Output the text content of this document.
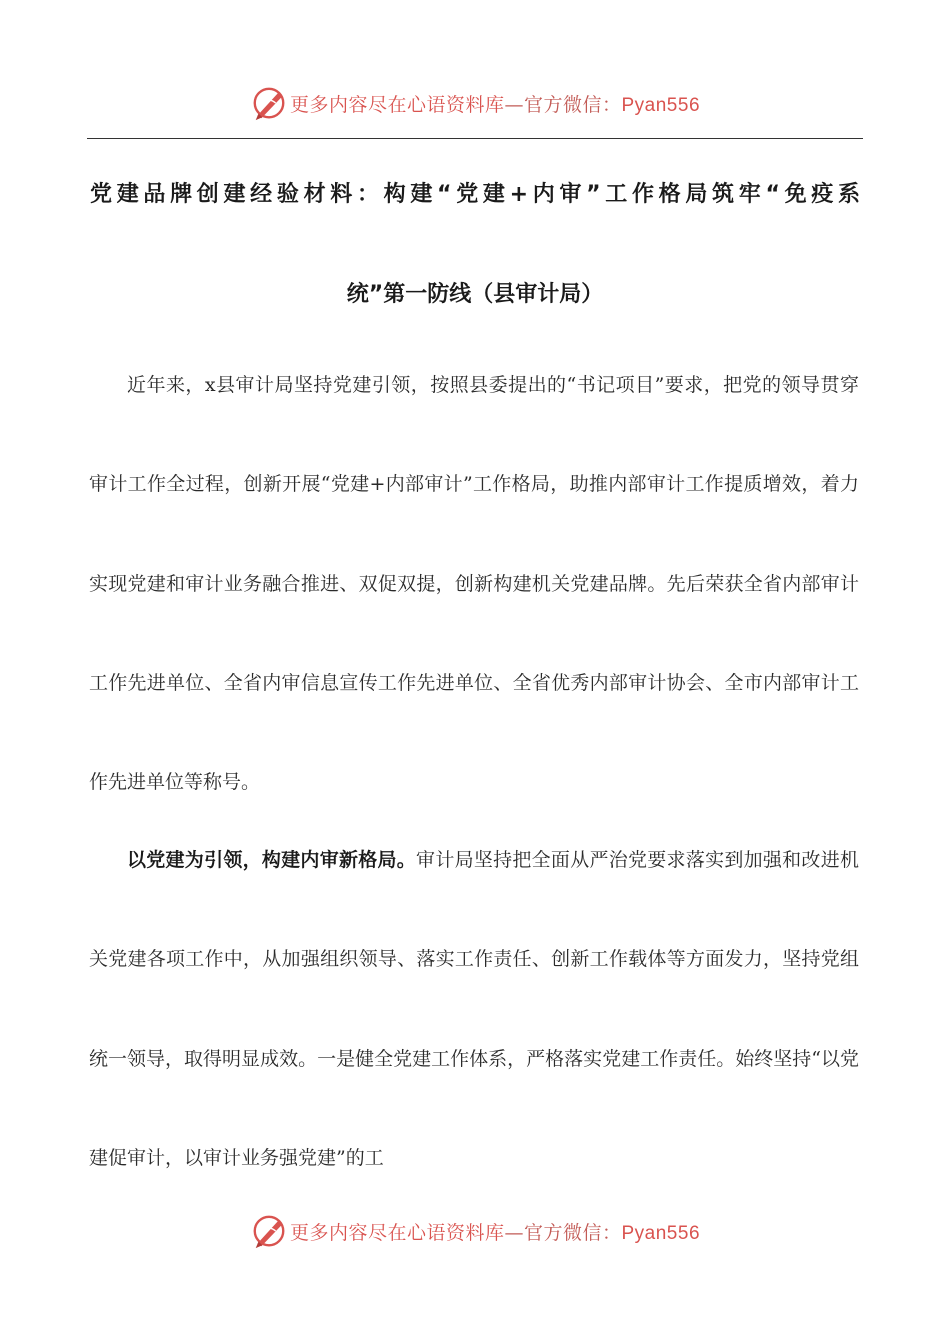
更多内容尽在心语资料库—官方微信：Pyan556
党建品牌创建经验材料：构建“党建+内审”工作格局筑牢“免疫系
统”第一防线（县审计局）

近年来，x县审计局坚持党建引领，按照县委提出的“书记项目”要求，把党的领导贯穿审计工作全过程，创新开展“党建+内部审计”工作格局，助推内部审计工作提质增效，着力实现党建和审计业务融合推进、双促双提，创新构建机关党建品牌。先后荣获全省内部审计工作先进单位、全省内审信息宣传工作先进单位、全省优秀内部审计协会、全市内部审计工作先进单位等称号。

以党建为引领，构建内审新格局。审计局坚持把全面从严治党要求落实到加强和改进机关党建各项工作中，从加强组织领导、落实工作责任、创新工作载体等方面发力，坚持党组统一领导，取得明显成效。一是健全党建工作体系，严格落实党建工作责任。始终坚持“以党建促审计，以审计业务强党建”的工

更多内容尽在心语资料库—官方微信：Pyan556
